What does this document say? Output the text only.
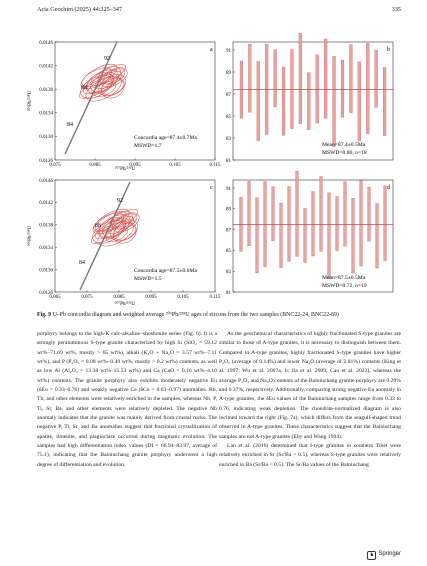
Acta Geochim (2025) 44:325–347	335
0.0146
0.0142
0.0138
0.0134
0.0130
0.0126
0.075	0.085	0.095	0.105	0.115
a
92
88
84
Concordia age=87.4±0.7Ma
MSWD=1.7
²⁰⁷Pb/²³⁵U
²⁰⁶Pb/²³⁸U
91
89
87
85
83
81
b
Mean=87.4±0.5Ma
MSWD=0.86, n=18
0.0146
0.0142
0.0138
0.0134
0.0130
0.0126
0.065	0.075	0.085	0.095	0.105	0.115
c
92
88
84
Concordia age=87.5±0.6Ma
MSWD=1.5
²⁰⁷Pb/²³⁵U
²⁰⁶Pb/²³⁸U
91
89
87
85
83
81
d
Mean=87.5±0.5Ma
MSWD=0.72, n=19
Fig. 9 U–Pb concordia diagram and weighted average ²⁰⁶Pb/²³⁸U ages of zircons from the two samples (BNC22-24, BNC22-69)

porphyry belongs to the high-K calc-alkaline–shoshonite series (Fig. 6). It is a strongly peraluminous S-type granite characterized by high Si (SiO₂ = 59.12 wt%–71.69 wt%, mostly > 65 wt%), alkali (K₂O + Na₂O = 3.57 wt%–7.11 wt%), and P (P₂O₅ = 0.08 wt%–0.49 wt%, mostly > 0.2 wt%) contents, as well as low Al (Al₂O₃ = 13.38 wt%–15.53 wt%) and Ca (CaO = 0.16 wt%–4.10 wt%) contents. The granite porphyry also exhibits moderately negative Eu (δEu = 0.33–0.76) and weakly negative Ce (δCe = 0.63–0.97) anomalies. Rb, Th, and other elements were relatively enriched in the samples, whereas Nb, P, Ti, Sr, Ba, and other elements were relatively depleted. The negative Nb anomaly indicates that the granite was mainly derived from crustal rocks. The negative P, Ti, Sr, and Ba anomalies suggest that fractional crystallization of apatite, ilmenite, and plagioclase occurred during magmatic evolution. The samples had high differentiation index values (DI = 66.94–83.97, average of 75.1), indicating that the Bainiuchang granite porphyry underwent a high degree of differentiation and evolution.

As the geochemical characteristics of highly fractionated S-type granites are similar to those of A-type granites, it is necessary to distinguish between them. Compared to A-type granites, highly fractionated S-type granites have higher P₂O₅ (average of 0.14%) and lower Na₂O (average of 2.81%) contents (King et al. 1997; Wu et al. 2007a, b; Jia et al. 2009; Cao et al. 2023), whereas the average P₂O₅ and Na₂O contents of the Bainiuchang granite porphyry are 0.29% and 0.37%, respectively. Additionally, comparing strong negative Eu anomaly in A-type granites, the δEu values of the Bainiuchang samples range from 0.33 to 0.76, indicating weak depletion. The chondrite-normalized diagram is also inclined toward the right (Fig. 7a), which differs from the seagull-shaped trend observed in A-type granites. These characteristics suggest that the Bainiuchang samples are not A-type granites (Eby and Wang 1994).

Lan et al. (2016) determined that I-type granites in southern Tibet were relatively enriched in Sr (Sr/Ba > 0.5), whereas S-type granites were relatively enriched in Ba (Sr/Ba < 0.5). The Sr/Ba values of the Bainiuchang

♞ Springer
